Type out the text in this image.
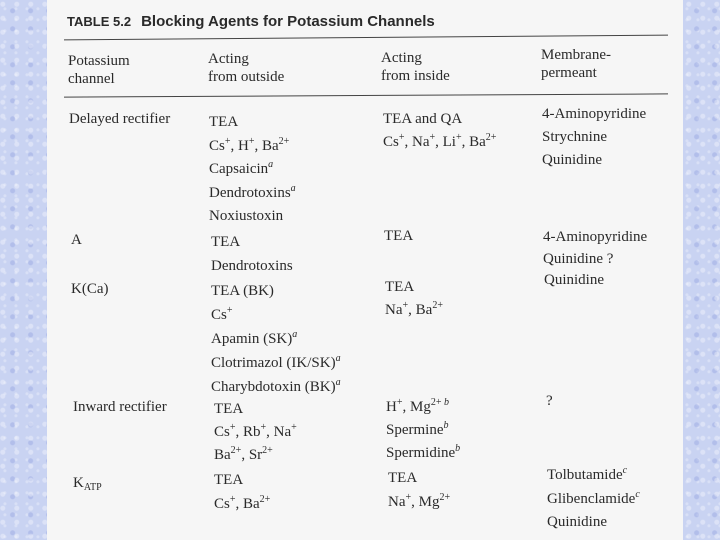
TABLE 5.2 Blocking Agents for Potassium Channels
Potassium
channel
Acting
from outside
Acting
from inside
Membrane-
permeant
Delayed rectifier
A
K(Ca)
Inward rectifier
$K_{ATP}$
TEA
Cs+, H+, $Ba^{2+}$
Capsaicin$^a$
Dendrotoxins$^a$
Noxiustoxin
TEA and QA
Cs+, Na+, Li+, $Ba^{2+}$
4-Aminopyridine
Strychnine
Quinidine
TEA
Dendrotoxins
TEA	4-Aminopyridine
Quinidine ?
TEA (BK)
Cs+
Apamin (SK)$^a$
Clotrimazol $(IK/SK)^a$
Charybdotoxin (BK)$^a$
TEA
Na+, $Ba^{2+}$
Quinidine
TEA
Cs+, Rb+, Na+
$Ba^{2+}$, $Sr^{2+}$
H+, $Mg^{2+ b}$
Spermine$^b$
Spermidine$^b$
?
TEA
Cs+, $Ba^{2+}$
TEA
Na+, $Mg^{2+}$
Tolbutamide$^c$
Glibenclamide$^c$
Quinidine
